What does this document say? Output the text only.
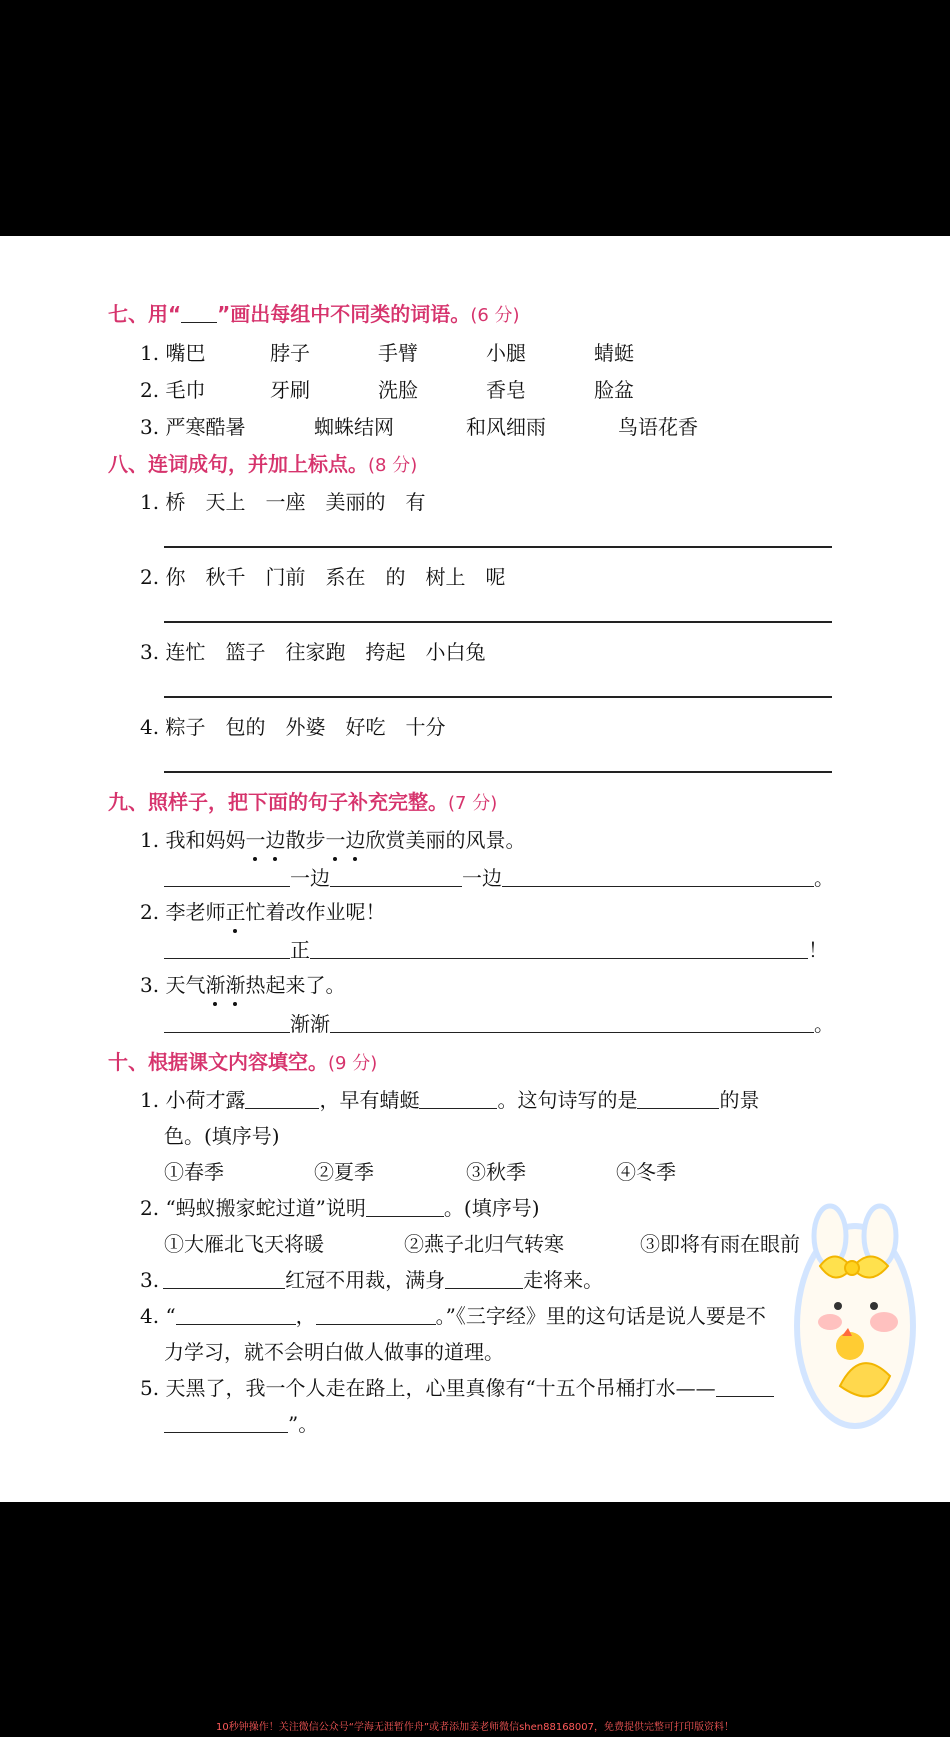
七、用“ ”画出每组中不同类的词语。(6 分)
1. 嘴巴	脖子	手臂	小腿	蜻蜓
2. 毛巾	牙刷	洗脸	香皂	脸盆
3. 严寒酷暑	蜘蛛结网	和风细雨	鸟语花香
八、连词成句，并加上标点。(8 分)
1. 桥　天上　一座　美丽的　有
2. 你　秋千　门前　系在　的　树上　呢
3. 连忙　篮子　往家跑　挎起　小白兔
4. 粽子　包的　外婆　好吃　十分
九、照样子，把下面的句子补充完整。(7 分)
1. 我和妈妈一边散步一边欣赏美丽的风景。
一边	一边	。
2. 李老师正忙着改作业呢！
正	！
3. 天气渐渐热起来了。
渐渐	。
十、根据课文内容填空。(9 分)
1. 小荷才露	，早有蜻蜓	。这句诗写的是	的景
色。(填序号)
①春季	②夏季	③秋季	④冬季
2. “蚂蚁搬家蛇过道”说明	。(填序号)
①大雁北飞天将暖	②燕子北归气转寒	③即将有雨在眼前
3.	红冠不用裁，满身	走将来。
4. “	，	。”《三字经》里的这句话是说人要是不
力学习，就不会明白做人做事的道理。
5. 天黑了，我一个人走在路上，心里真像有“十五个吊桶打水——
”。
10秒钟操作！关注微信公众号“学海无涯暂作舟”或者添加姜老师微信shen88168007，免费提供完整可打印版资料！
